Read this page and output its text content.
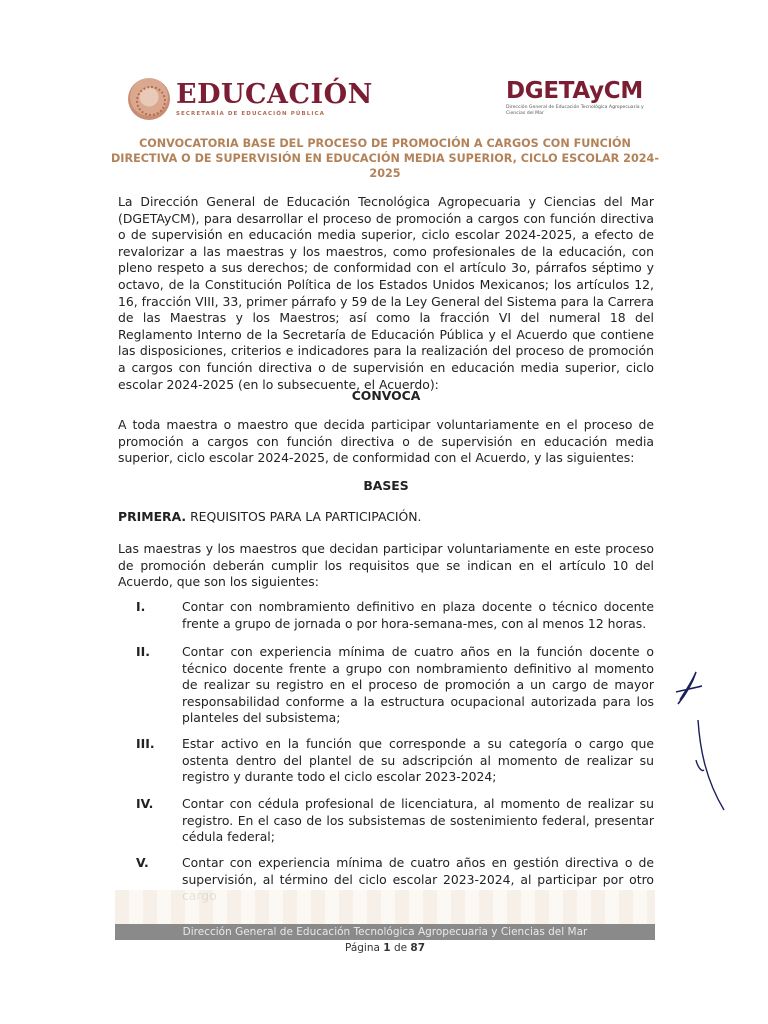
EDUCACIÓN
SECRETARÍA DE EDUCACIÓN PÚBLICA
DGETAyCM
Dirección General de Educación Tecnológica Agropecuaria y Ciencias del Mar
CONVOCATORIA BASE DEL PROCESO DE PROMOCIÓN A CARGOS CON FUNCIÓN DIRECTIVA O DE SUPERVISIÓN EN EDUCACIÓN MEDIA SUPERIOR, CICLO ESCOLAR 2024-2025
La Dirección General de Educación Tecnológica Agropecuaria y Ciencias del Mar (DGETAyCM), para desarrollar el proceso de promoción a cargos con función directiva o de supervisión en educación media superior, ciclo escolar 2024-2025, a efecto de revalorizar a las maestras y los maestros, como profesionales de la educación, con pleno respeto a sus derechos; de conformidad con el artículo 3o, párrafos séptimo y octavo, de la Constitución Política de los Estados Unidos Mexicanos; los artículos 12, 16, fracción VIII, 33, primer párrafo y 59 de la Ley General del Sistema para la Carrera de las Maestras y los Maestros; así como la fracción VI del numeral 18 del Reglamento Interno de la Secretaría de Educación Pública y el Acuerdo que contiene las disposiciones, criterios e indicadores para la realización del proceso de promoción a cargos con función directiva o de supervisión en educación media superior, ciclo escolar 2024-2025 (en lo subsecuente, el Acuerdo):
CONVOCA
A toda maestra o maestro que decida participar voluntariamente en el proceso de promoción a cargos con función directiva o de supervisión en educación media superior, ciclo escolar 2024-2025, de conformidad con el Acuerdo, y las siguientes:
BASES
PRIMERA. REQUISITOS PARA LA PARTICIPACIÓN.
Las maestras y los maestros que decidan participar voluntariamente en este proceso de promoción deberán cumplir los requisitos que se indican en el artículo 10 del Acuerdo, que son los siguientes:
I.	Contar con nombramiento definitivo en plaza docente o técnico docente frente a grupo de jornada o por hora-semana-mes, con al menos 12 horas.
II.	Contar con experiencia mínima de cuatro años en la función docente o técnico docente frente a grupo con nombramiento definitivo al momento de realizar su registro en el proceso de promoción a un cargo de mayor responsabilidad conforme a la estructura ocupacional autorizada para los planteles del subsistema;
III. Estar activo en la función que corresponde a su categoría o cargo que ostenta dentro del plantel de su adscripción al momento de realizar su registro y durante todo el ciclo escolar 2023-2024;
IV. Contar con cédula profesional de licenciatura, al momento de realizar su registro. En el caso de los subsistemas de sostenimiento federal, presentar cédula federal;
V.	Contar con experiencia mínima de cuatro años en gestión directiva o de supervisión, al término del ciclo escolar 2023-2024, al participar por otro
Dirección General de Educación Tecnológica Agropecuaria y Ciencias del Mar
Página 1 de 87
